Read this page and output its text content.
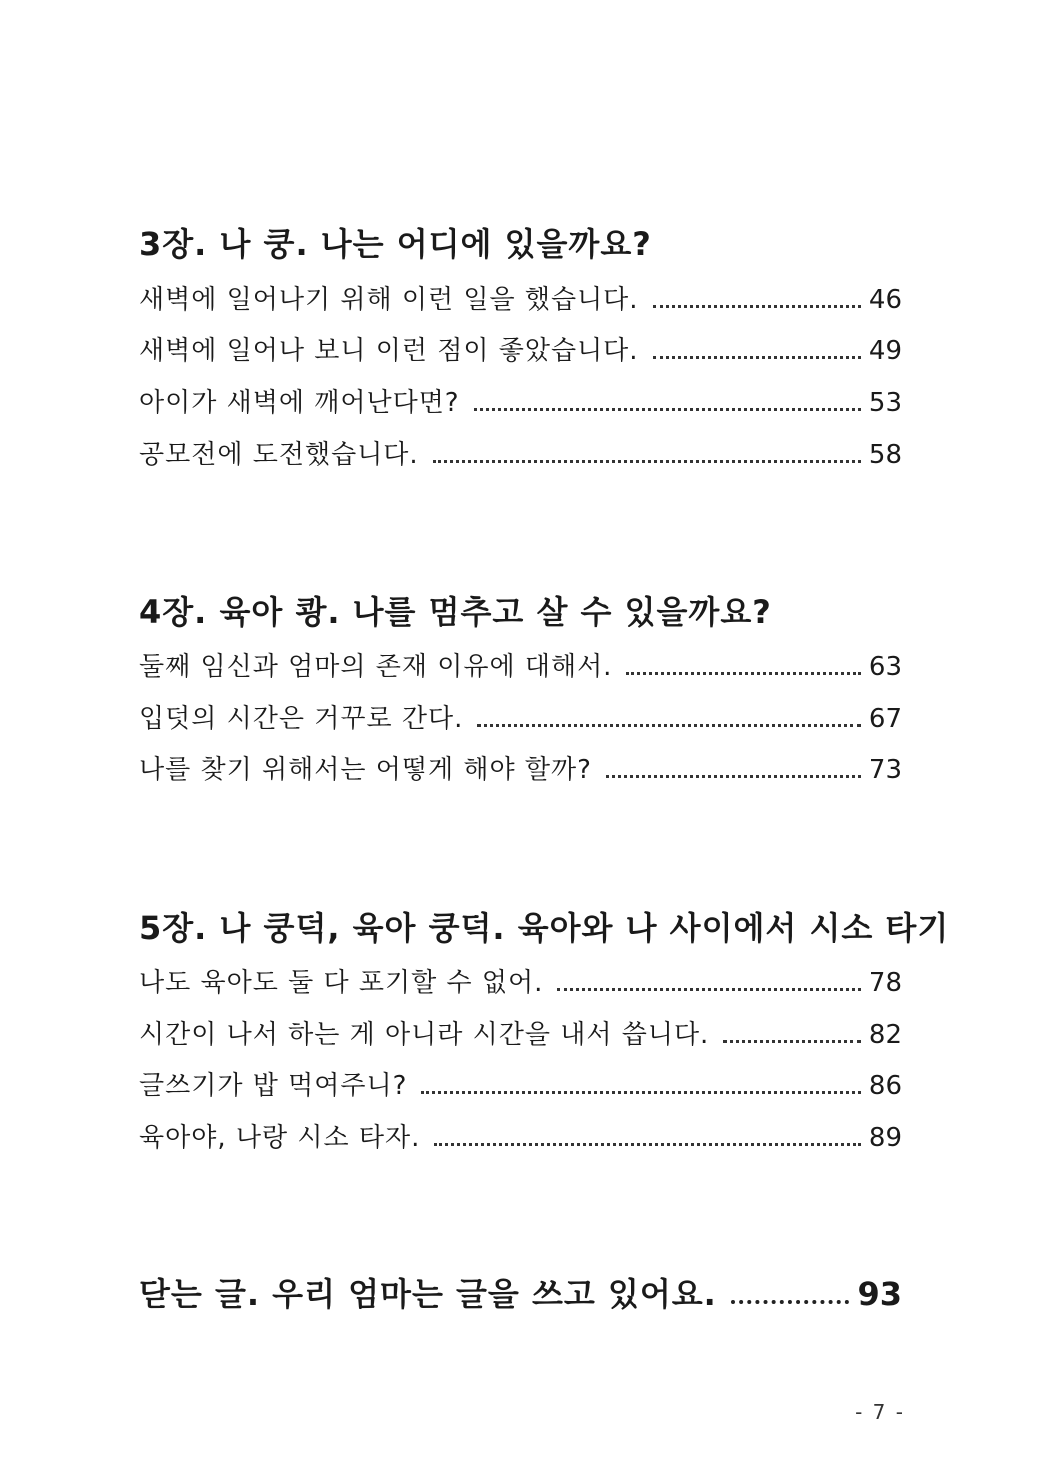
3장. 나 쿵. 나는 어디에 있을까요?
새벽에 일어나기 위해 이런 일을 했습니다.	46
새벽에 일어나 보니 이런 점이 좋았습니다.	49
아이가 새벽에 깨어난다면?	53
공모전에 도전했습니다.	58
4장. 육아 쾅. 나를 멈추고 살 수 있을까요?
둘째 임신과 엄마의 존재 이유에 대해서.	63
입덧의 시간은 거꾸로 간다.	67
나를 찾기 위해서는 어떻게 해야 할까?	73
5장. 나 쿵덕, 육아 쿵덕. 육아와 나 사이에서 시소 타기
나도 육아도 둘 다 포기할 수 없어.	78
시간이 나서 하는 게 아니라 시간을 내서 씁니다.	82
글쓰기가 밥 먹여주니?	86
육아야, 나랑 시소 타자.	89
닫는 글. 우리 엄마는 글을 쓰고 있어요.	93
- 7 -
